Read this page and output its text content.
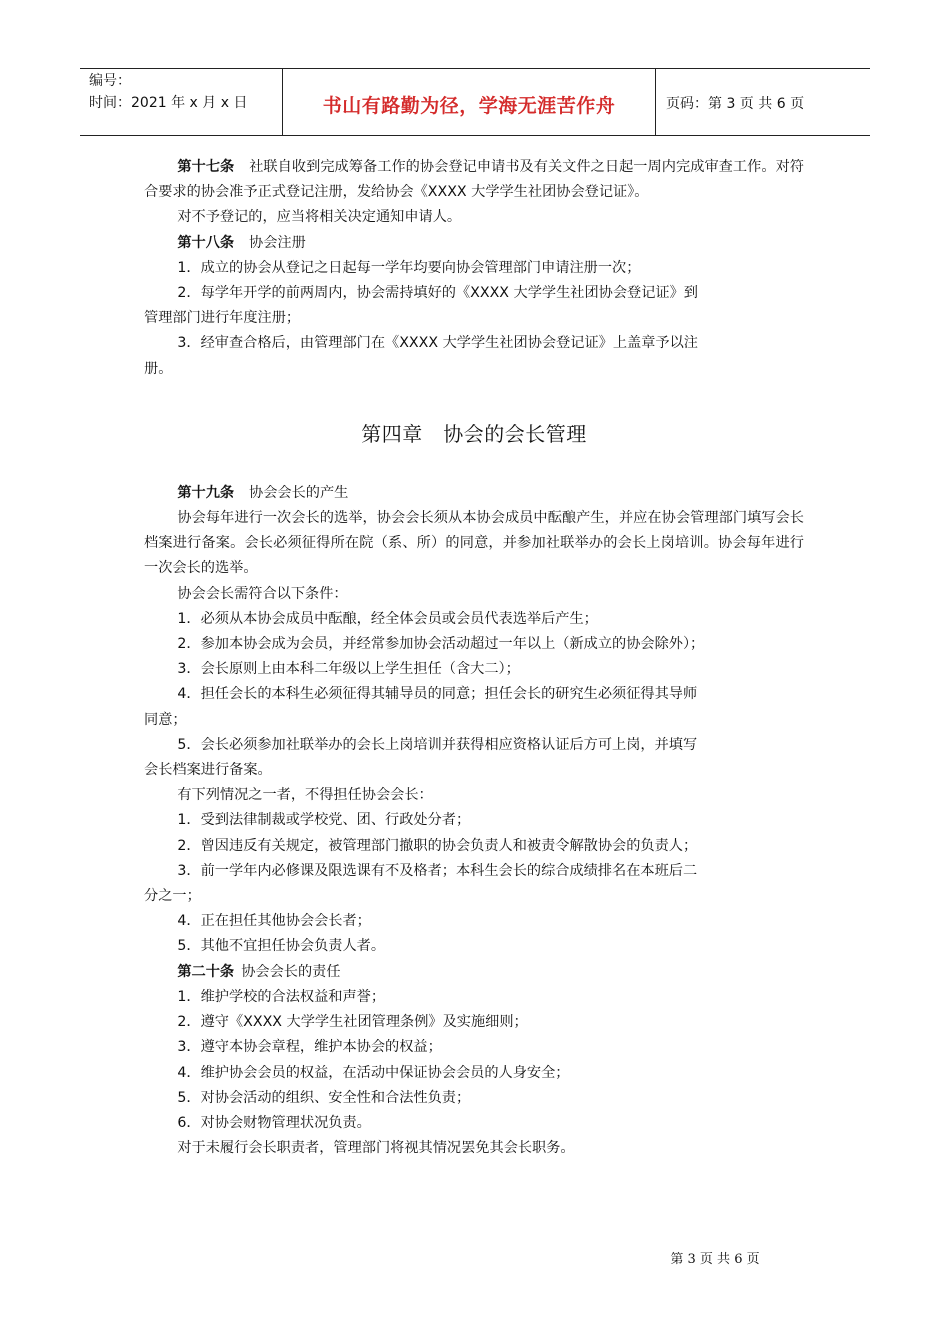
编号：
时间：2021 年 x 月 x 日	书山有路勤为径，学海无涯苦作舟	页码：第 3 页 共 6 页

第十七条 社联自收到完成筹备工作的协会登记申请书及有关文件之日起一周内完成审查工作。对符合要求的协会准予正式登记注册，发给协会《XXXX 大学学生社团协会登记证》。

对不予登记的，应当将相关决定通知申请人。

第十八条 协会注册

1．成立的协会从登记之日起每一学年均要向协会管理部门申请注册一次；

2．每学年开学的前两周内，协会需持填好的《XXXX 大学学生社团协会登记证》到

管理部门进行年度注册；

3．经审查合格后，由管理部门在《XXXX 大学学生社团协会登记证》上盖章予以注

册。

第四章　协会的会长管理

第十九条 协会会长的产生

协会每年进行一次会长的选举，协会会长须从本协会成员中酝酿产生，并应在协会管理部门填写会长档案进行备案。会长必须征得所在院（系、所）的同意，并参加社联举办的会长上岗培训。协会每年进行一次会长的选举。

协会会长需符合以下条件：

1．必须从本协会成员中酝酿，经全体会员或会员代表选举后产生；

2．参加本协会成为会员，并经常参加协会活动超过一年以上（新成立的协会除外）；

3．会长原则上由本科二年级以上学生担任（含大二）；

4．担任会长的本科生必须征得其辅导员的同意；担任会长的研究生必须征得其导师

同意；

5．会长必须参加社联举办的会长上岗培训并获得相应资格认证后方可上岗，并填写

会长档案进行备案。

有下列情况之一者，不得担任协会会长：

1．受到法律制裁或学校党、团、行政处分者；

2．曾因违反有关规定，被管理部门撤职的协会负责人和被责令解散协会的负责人；

3．前一学年内必修课及限选课有不及格者；本科生会长的综合成绩排名在本班后二

分之一；

4．正在担任其他协会会长者；

5．其他不宜担任协会负责人者。

第二十条 协会会长的责任

1．维护学校的合法权益和声誉；

2．遵守《XXXX 大学学生社团管理条例》及实施细则；

3．遵守本协会章程，维护本协会的权益；

4．维护协会会员的权益，在活动中保证协会会员的人身安全；

5．对协会活动的组织、安全性和合法性负责；

6．对协会财物管理状况负责。

对于未履行会长职责者，管理部门将视其情况罢免其会长职务。

第 3 页 共 6 页
